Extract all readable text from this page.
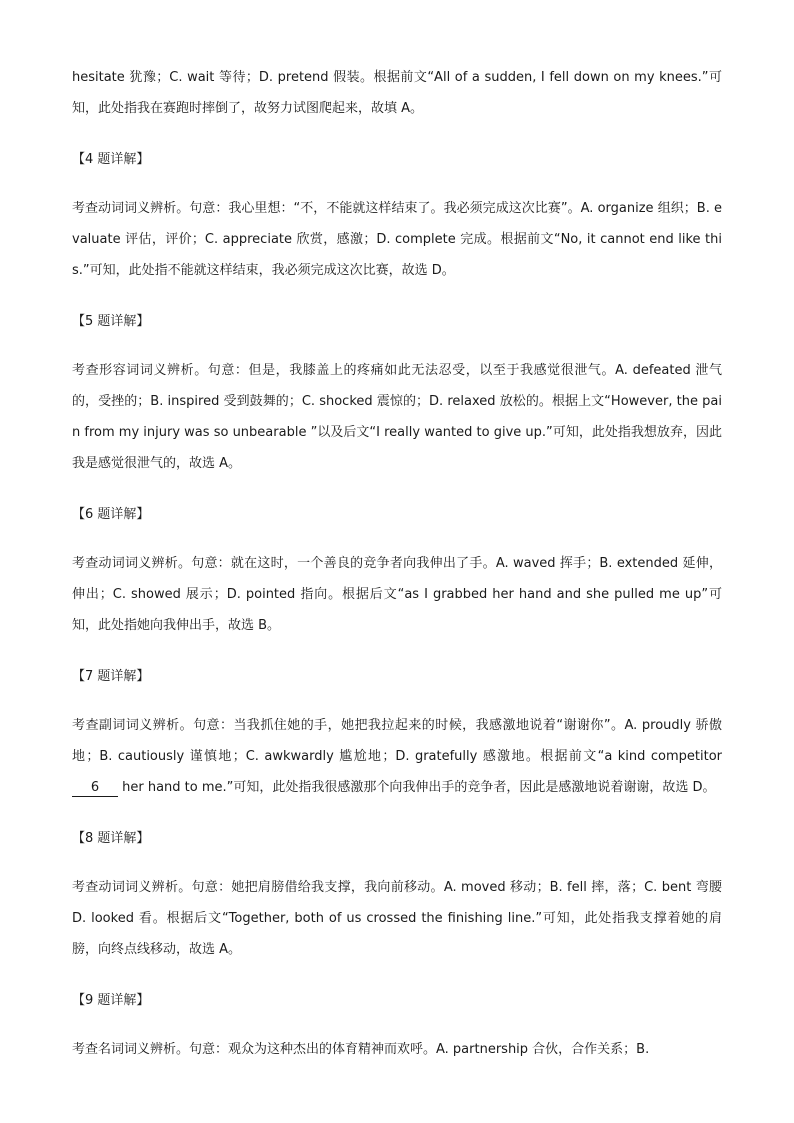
hesitate 犹豫；C. wait 等待；D. pretend 假装。根据前文“All of a sudden, I fell down on my knees.”可知，此处指我在赛跑时摔倒了，故努力试图爬起来，故填 A。

【4 题详解】

考查动词词义辨析。句意：我心里想：“不，不能就这样结束了。我必须完成这次比赛”。A. organize 组织；B. evaluate 评估，评价；C. appreciate 欣赏，感激；D. complete 完成。根据前文“No, it cannot end like this.”可知，此处指不能就这样结束，我必须完成这次比赛，故选 D。

【5 题详解】

考查形容词词义辨析。句意：但是，我膝盖上的疼痛如此无法忍受，以至于我感觉很泄气。A. defeated 泄气的，受挫的；B. inspired 受到鼓舞的；C. shocked 震惊的；D. relaxed 放松的。根据上文“However, the pain from my injury was so unbearable ”以及后文“I really wanted to give up.”可知，此处指我想放弃，因此我是感觉很泄气的，故选 A。

【6 题详解】

考查动词词义辨析。句意：就在这时，一个善良的竞争者向我伸出了手。A. waved 挥手；B. extended 延伸，伸出；C. showed 展示；D. pointed 指向。根据后文“as I grabbed her hand and she pulled me up”可知，此处指她向我伸出手，故选 B。

【7 题详解】

考查副词词义辨析。句意：当我抓住她的手，她把我拉起来的时候，我感激地说着“谢谢你”。A. proudly 骄傲地；B. cautiously 谨慎地；C. awkwardly 尴尬地；D. gratefully 感激地。根据前文“a kind competitor 6 her hand to me.”可知，此处指我很感激那个向我伸出手的竞争者，因此是感激地说着谢谢，故选 D。

【8 题详解】

考查动词词义辨析。句意：她把肩膀借给我支撑，我向前移动。A. moved 移动；B. fell 摔，落；C. bent 弯腰 D. looked 看。根据后文“Together, both of us crossed the finishing line.”可知，此处指我支撑着她的肩膀，向终点线移动，故选 A。

【9 题详解】

考查名词词义辨析。句意：观众为这种杰出的体育精神而欢呼。A. partnership 合伙，合作关系；B.
